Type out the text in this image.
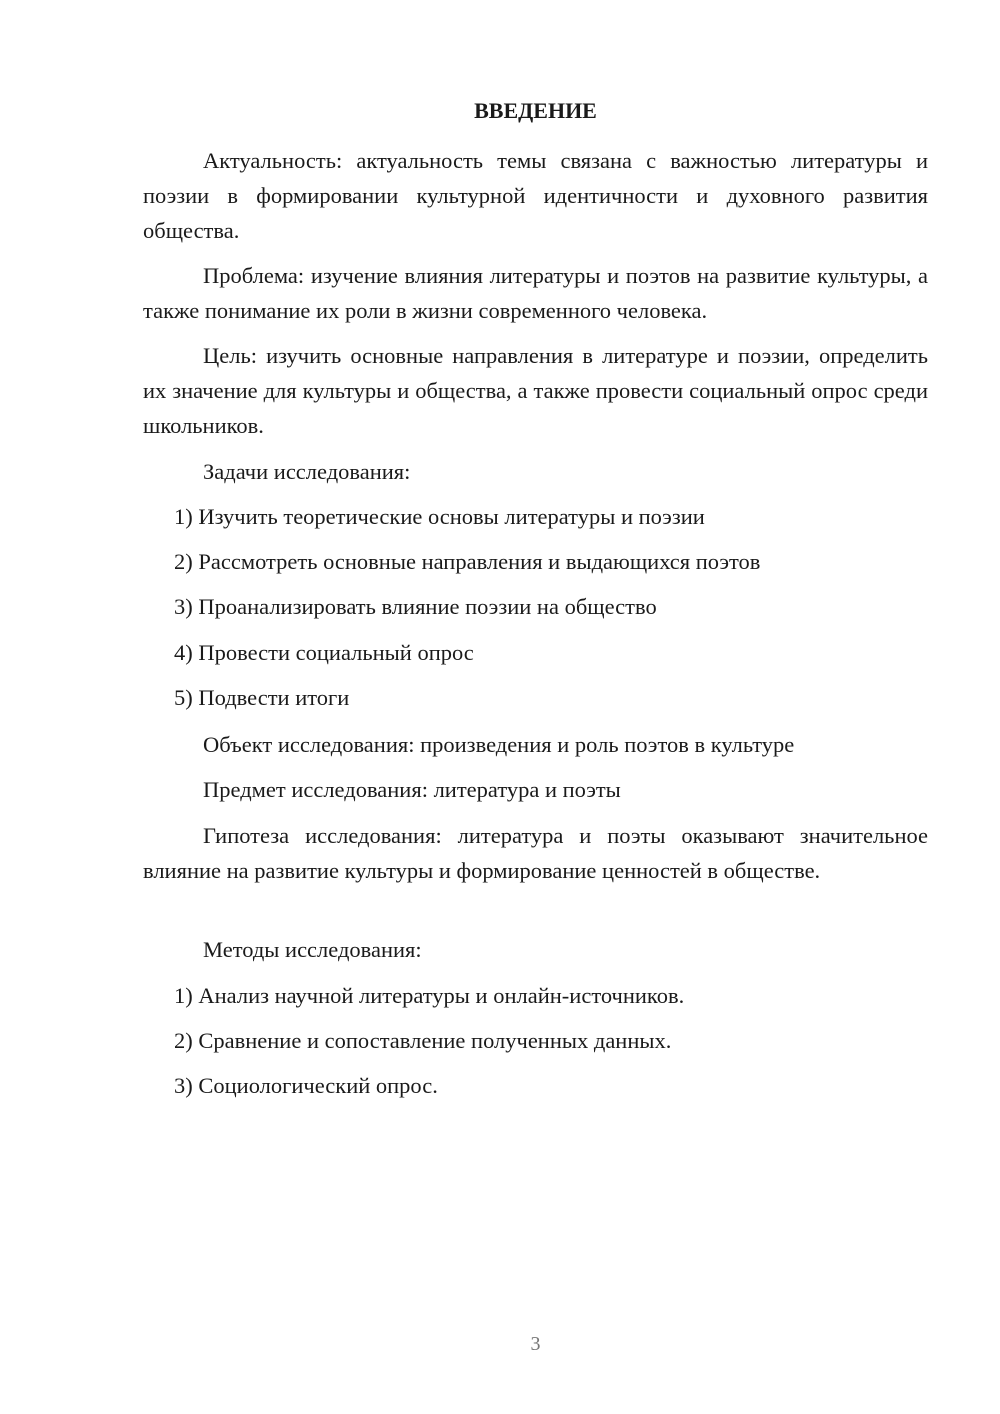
ВВЕДЕНИЕ

Актуальность: актуальность темы связана с важностью литературы и поэзии в формировании культурной идентичности и духовного развития общества.

Проблема: изучение влияния литературы и поэтов на развитие культуры, а также понимание их роли в жизни современного человека.

Цель: изучить основные направления в литературе и поэзии, определить их значение для культуры и общества, а также провести социальный опрос среди школьников.

Задачи исследования:
1) Изучить теоретические основы литературы и поэзии
2) Рассмотреть основные направления и выдающихся поэтов
3) Проанализировать влияние поэзии на общество
4) Провести социальный опрос
5) Подвести итоги
Объект исследования: произведения и роль поэтов в культуре
Предмет исследования: литература и поэты

Гипотеза исследования: литература и поэты оказывают значительное влияние на развитие культуры и формирование ценностей в обществе.

Методы исследования:
1) Анализ научной литературы и онлайн-источников.
2) Сравнение и сопоставление полученных данных.
3) Социологический опрос.
3
